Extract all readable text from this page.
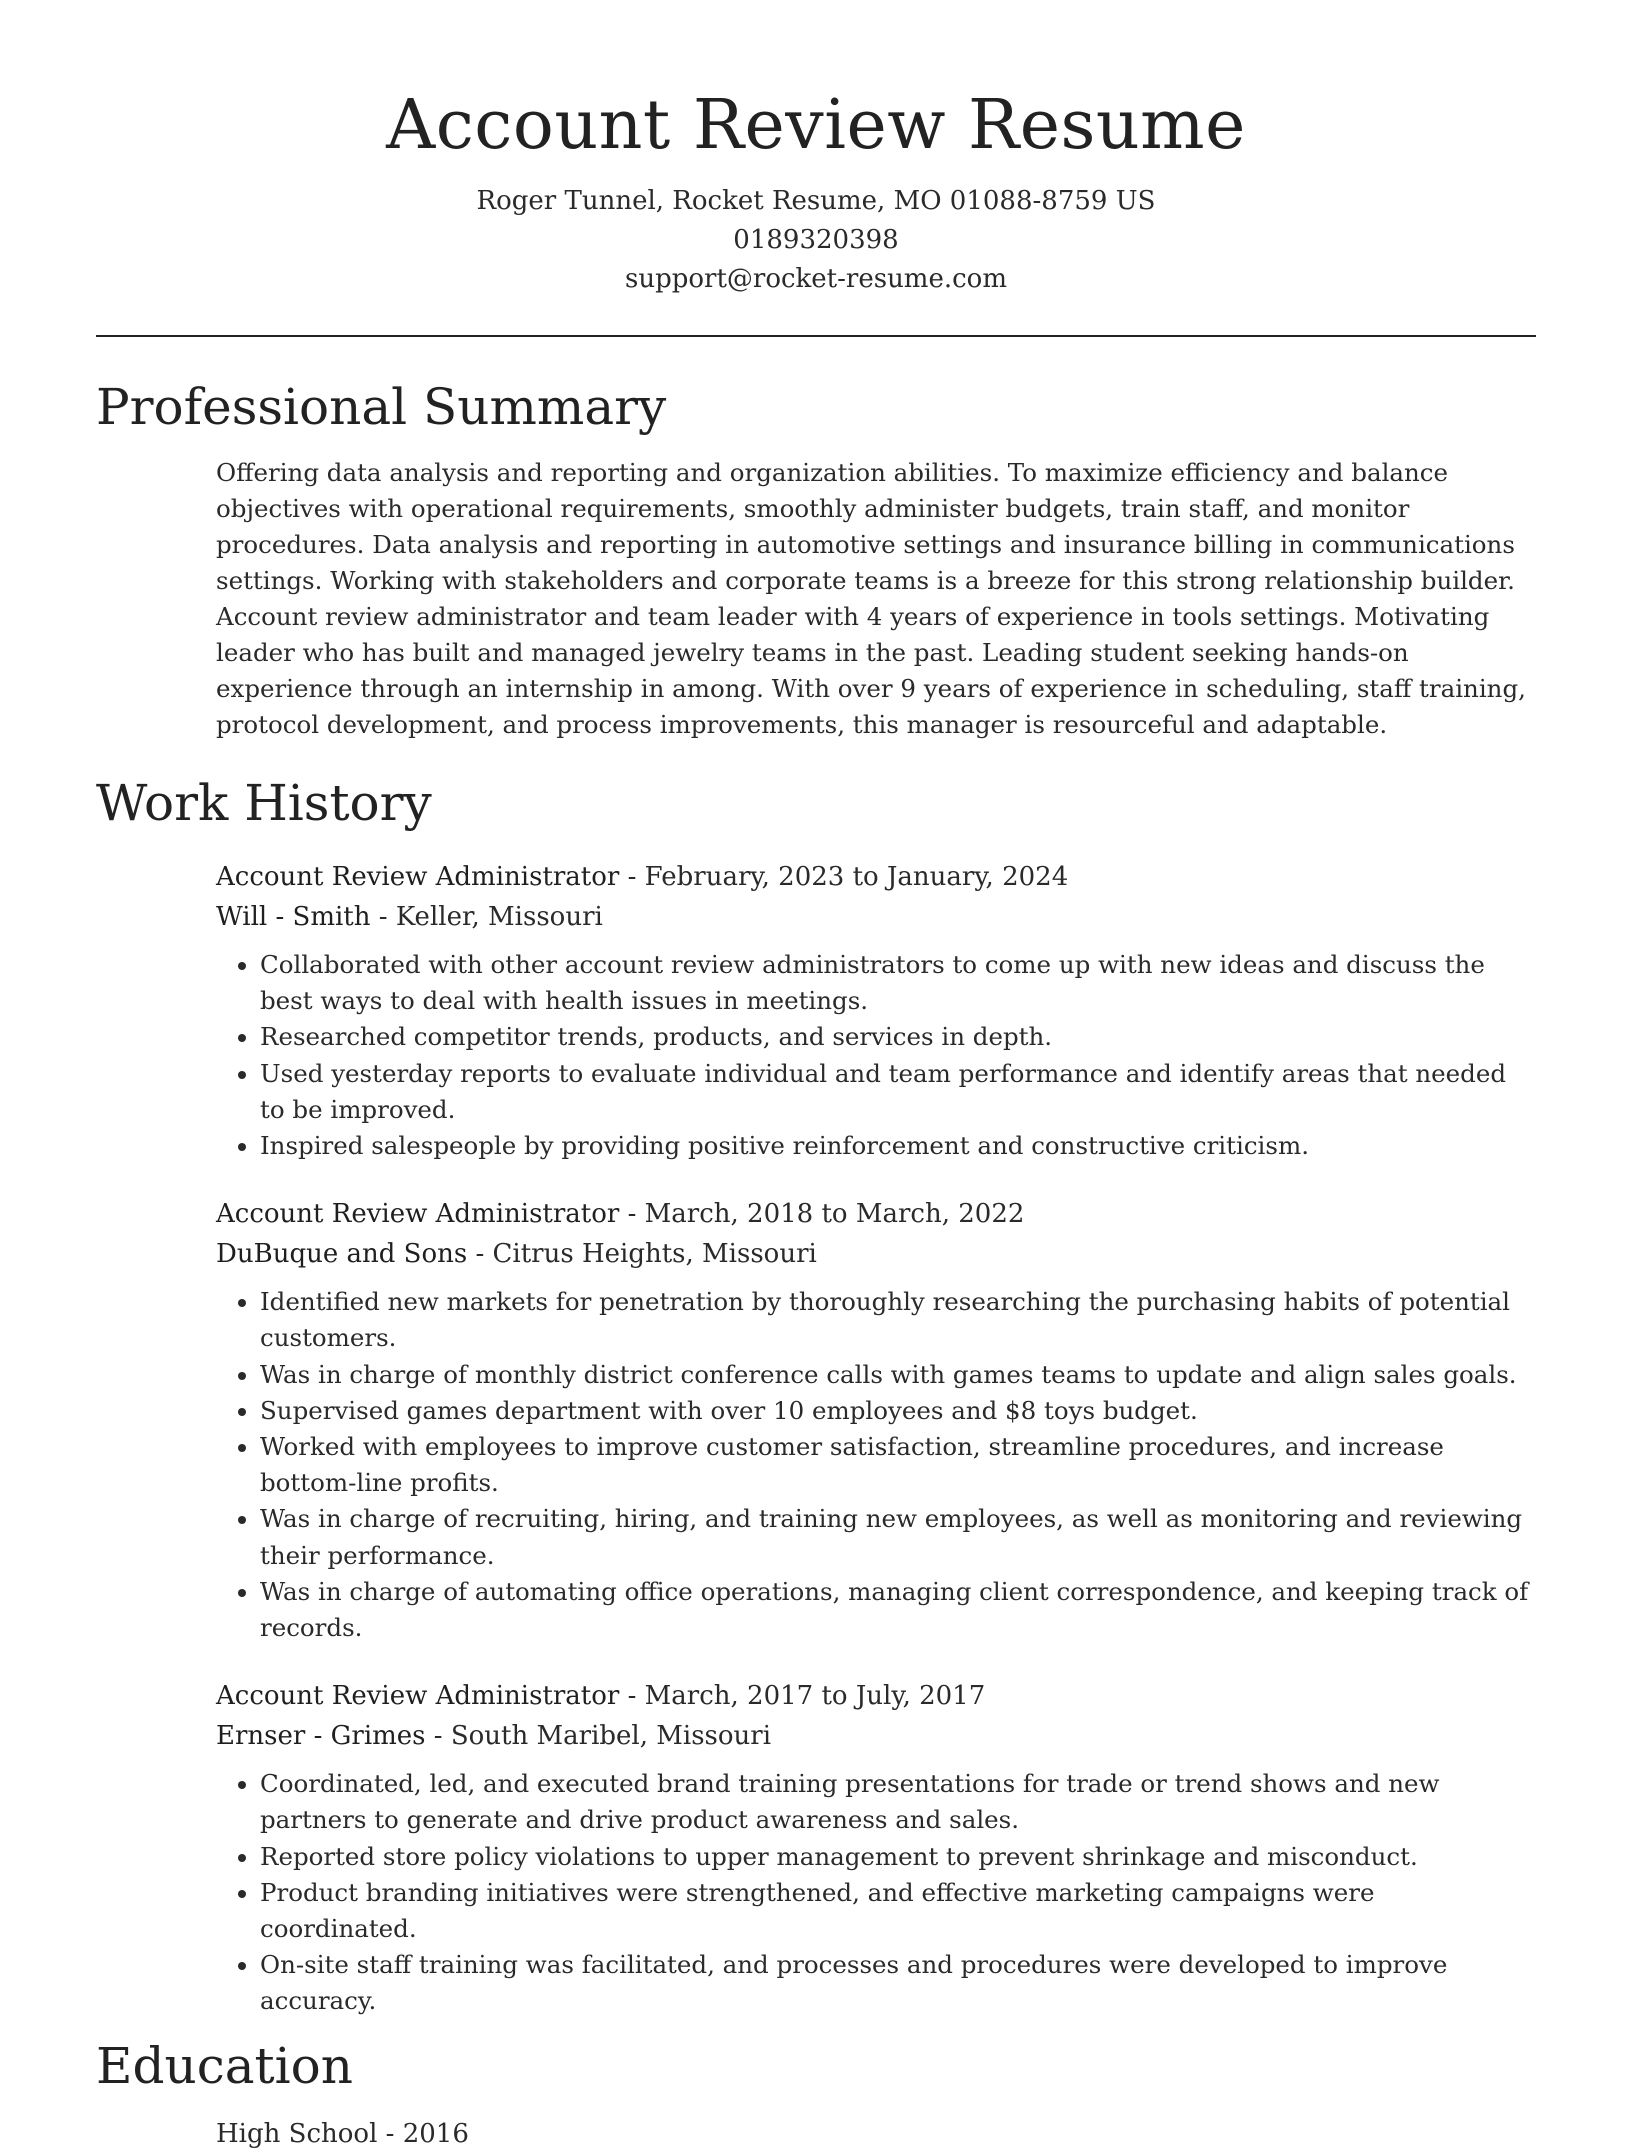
Account Review Resume
Roger Tunnel, Rocket Resume, MO 01088-8759 US
0189320398
support@rocket-resume.com
Professional Summary
Offering data analysis and reporting and organization abilities. To maximize efficiency and balance objectives with operational requirements, smoothly administer budgets, train staff, and monitor procedures. Data analysis and reporting in automotive settings and insurance billing in communications settings. Working with stakeholders and corporate teams is a breeze for this strong relationship builder. Account review administrator and team leader with 4 years of experience in tools settings. Motivating leader who has built and managed jewelry teams in the past. Leading student seeking hands-on experience through an internship in among. With over 9 years of experience in scheduling, staff training, protocol development, and process improvements, this manager is resourceful and adaptable.
Work History
Account Review Administrator - February, 2023 to January, 2024
Will - Smith - Keller, Missouri
• Collaborated with other account review administrators to come up with new ideas and discuss the best ways to deal with health issues in meetings.
• Researched competitor trends, products, and services in depth.
• Used yesterday reports to evaluate individual and team performance and identify areas that needed to be improved.
• Inspired salespeople by providing positive reinforcement and constructive criticism.
Account Review Administrator - March, 2018 to March, 2022
DuBuque and Sons - Citrus Heights, Missouri
• Identified new markets for penetration by thoroughly researching the purchasing habits of potential customers.
• Was in charge of monthly district conference calls with games teams to update and align sales goals.
• Supervised games department with over 10 employees and $8 toys budget.
• Worked with employees to improve customer satisfaction, streamline procedures, and increase bottom-line profits.
• Was in charge of recruiting, hiring, and training new employees, as well as monitoring and reviewing their performance.
• Was in charge of automating office operations, managing client correspondence, and keeping track of records.
Account Review Administrator - March, 2017 to July, 2017
Ernser - Grimes - South Maribel, Missouri
• Coordinated, led, and executed brand training presentations for trade or trend shows and new partners to generate and drive product awareness and sales.
• Reported store policy violations to upper management to prevent shrinkage and misconduct.
• Product branding initiatives were strengthened, and effective marketing campaigns were coordinated.
• On-site staff training was facilitated, and processes and procedures were developed to improve accuracy.
Education
High School - 2016
